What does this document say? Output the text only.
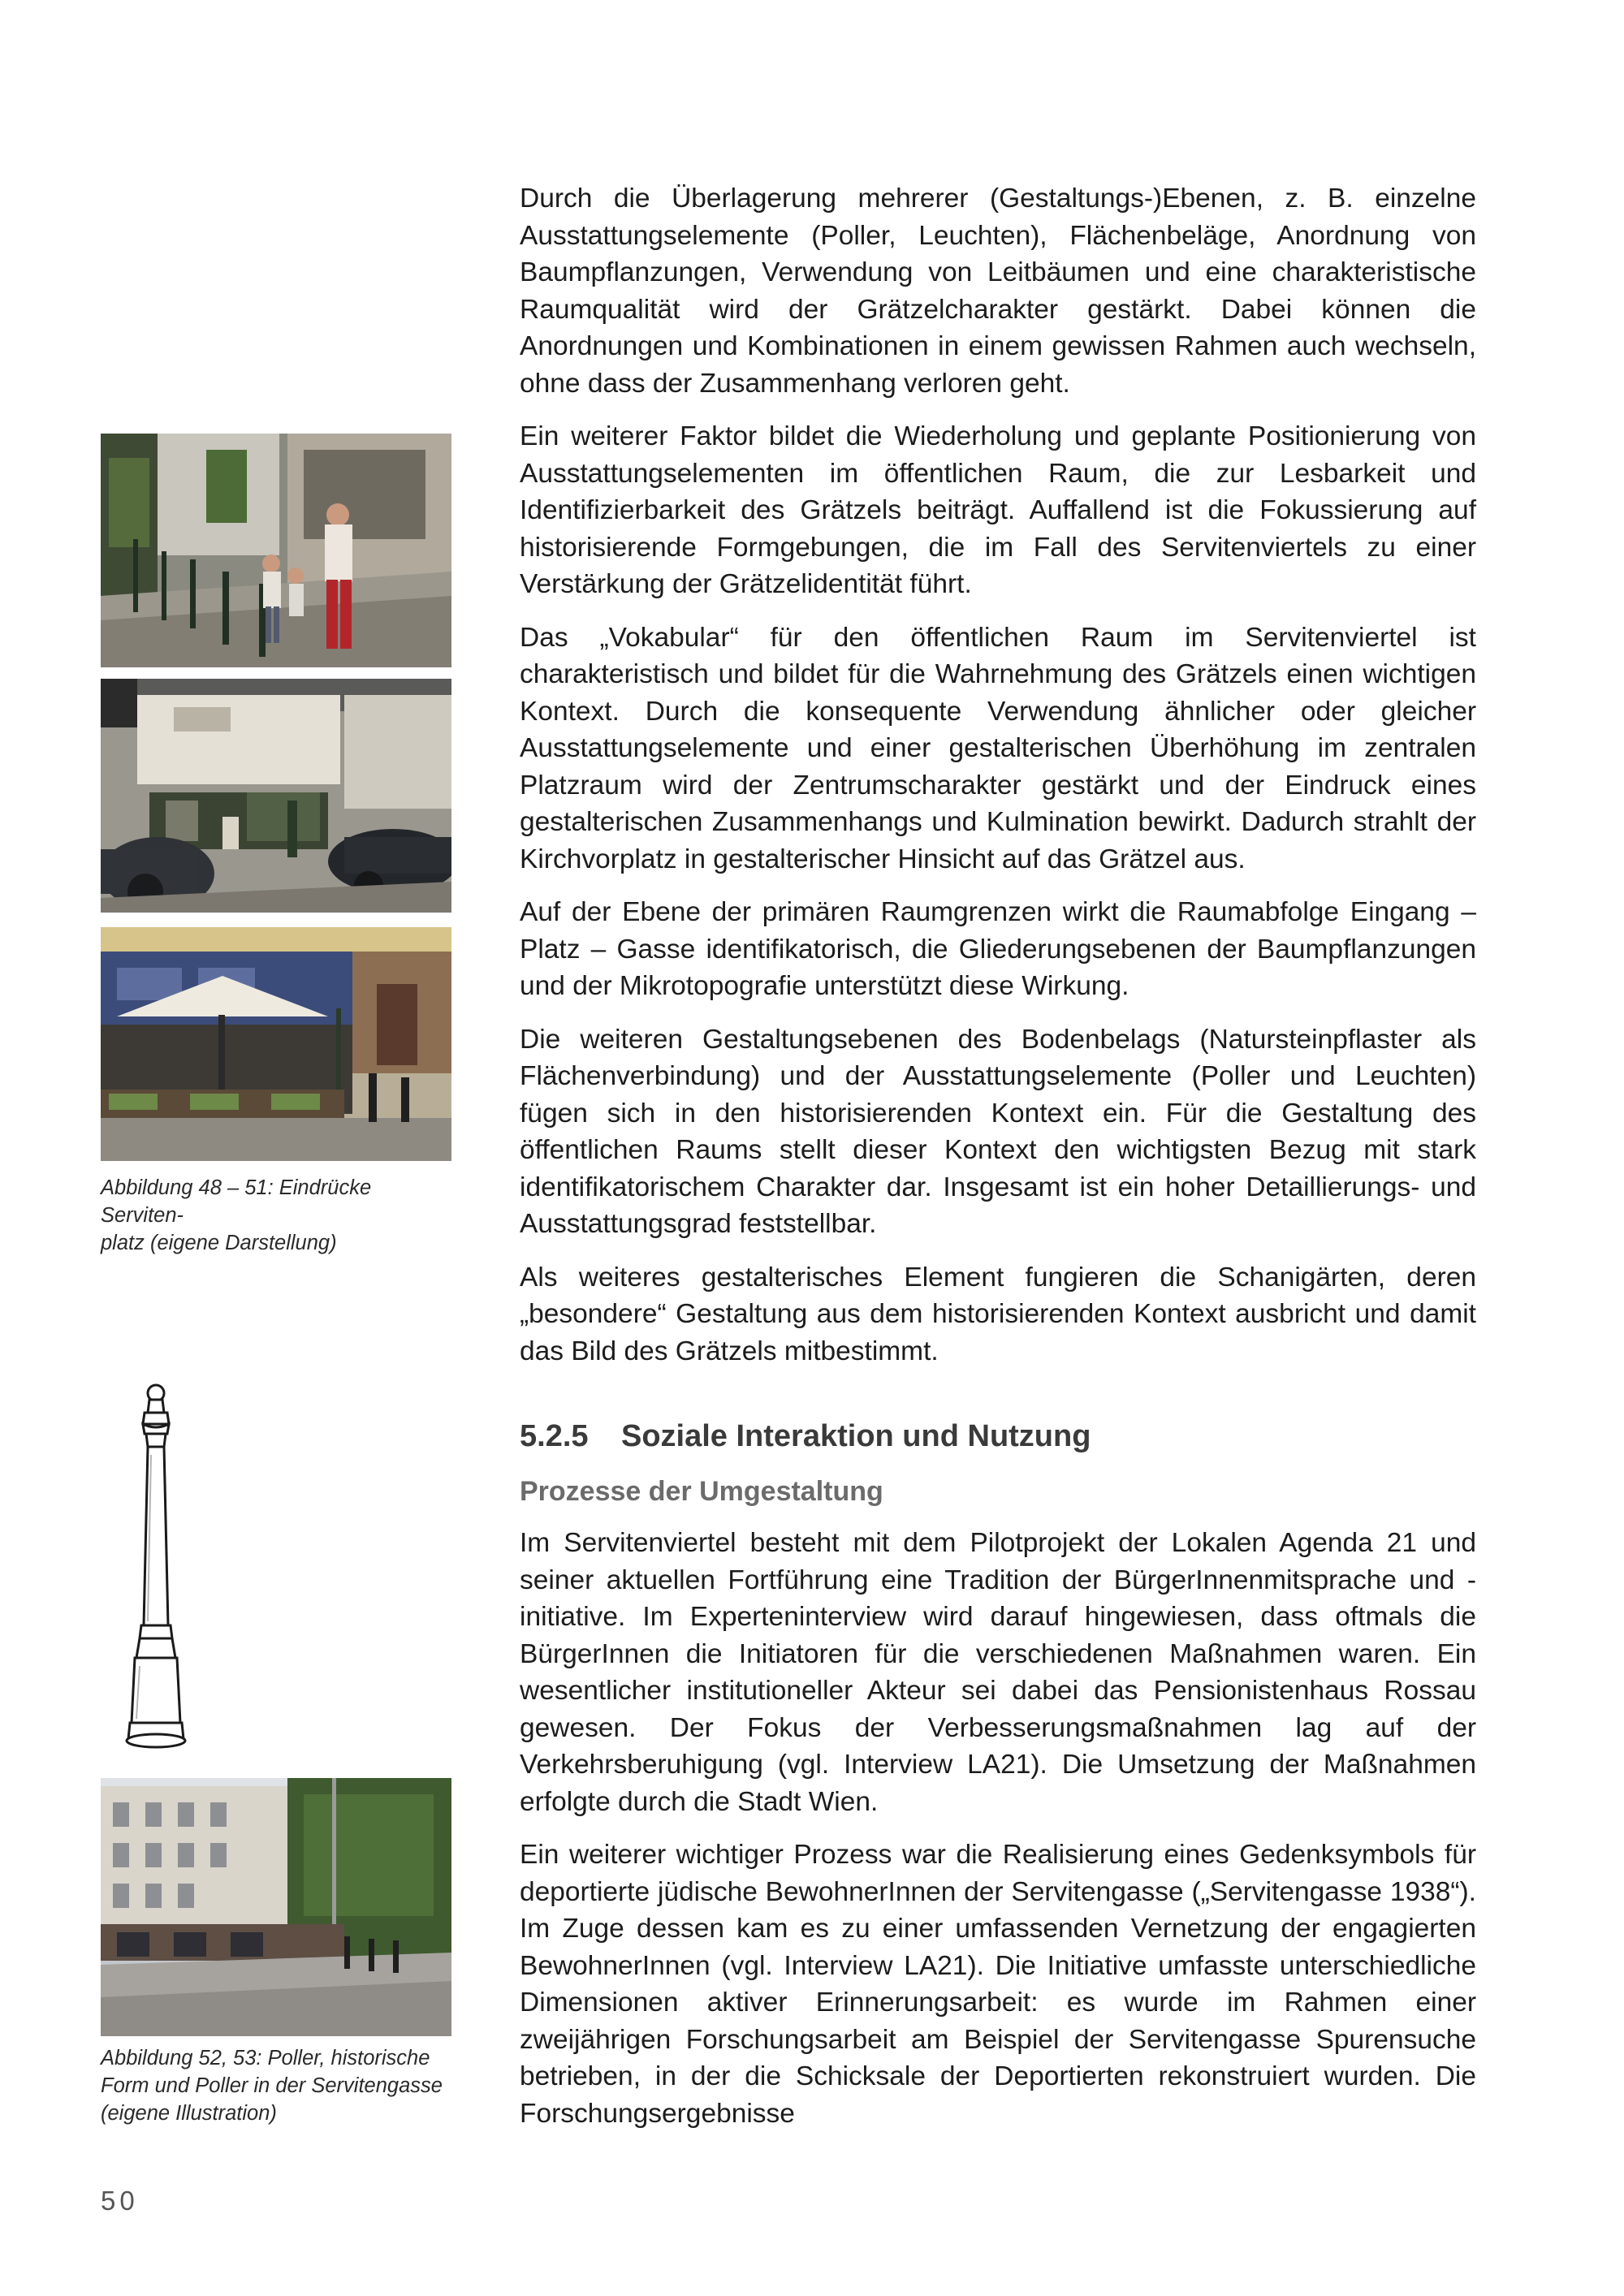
Durch die Überlagerung mehrerer (Gestaltungs-)Ebenen, z. B. einzelne Ausstattungselemente (Poller, Leuchten), Flächenbeläge, Anordnung von Baumpflanzungen, Verwendung von Leitbäumen und eine charakteristische Raumqualität wird der Grätzelcharakter gestärkt. Dabei können die Anordnungen und Kombinationen in einem gewissen Rahmen auch wechseln, ohne dass der Zusammenhang verloren geht.

Ein weiterer Faktor bildet die Wiederholung und geplante Positionierung von Ausstattungselementen im öffentlichen Raum, die zur Lesbarkeit und Identifizierbarkeit des Grätzels beiträgt. Auffallend ist die Fokussierung auf historisierende Formgebungen, die im Fall des Servitenviertels zu einer Verstärkung der Grätzelidentität führt.

Das „Vokabular“ für den öffentlichen Raum im Servitenviertel ist charakteristisch und bildet für die Wahrnehmung des Grätzels einen wichtigen Kontext. Durch die konsequente Verwendung ähnlicher oder gleicher Ausstattungselemente und einer gestalterischen Überhöhung im zentralen Platzraum wird der Zentrumscharakter gestärkt und der Eindruck eines gestalterischen Zusammenhangs und Kulmination bewirkt. Dadurch strahlt der Kirchvorplatz in gestalterischer Hinsicht auf das Grätzel aus.

Auf der Ebene der primären Raumgrenzen wirkt die Raumabfolge Eingang – Platz – Gasse identifikatorisch, die Gliederungsebenen der Baumpflanzungen und der Mikrotopografie unterstützt diese Wirkung.

Die weiteren Gestaltungsebenen des Bodenbelags (Natursteinpflaster als Flächenverbindung) und der Ausstattungselemente (Poller und Leuchten) fügen sich in den historisierenden Kontext ein. Für die Gestaltung des öffentlichen Raums stellt dieser Kontext den wichtigsten Bezug mit stark identifikatorischem Charakter dar. Insgesamt ist ein hoher Detaillierungs- und Ausstattungsgrad feststellbar.

Als weiteres gestalterisches Element fungieren die Schanigärten, deren „besondere“ Gestaltung aus dem historisierenden Kontext ausbricht und damit das Bild des Grätzels mitbestimmt.

5.2.5 Soziale Interaktion und Nutzung
Prozesse der Umgestaltung

Im Servitenviertel besteht mit dem Pilotprojekt der Lokalen Agenda 21 und seiner aktuellen Fortführung eine Tradition der BürgerInnenmitsprache und -initiative. Im Experteninterview wird darauf hingewiesen, dass oftmals die BürgerInnen die Initiatoren für die verschiedenen Maßnahmen waren. Ein wesentlicher institutioneller Akteur sei dabei das Pensionistenhaus Rossau gewesen. Der Fokus der Verbesserungsmaßnahmen lag auf der Verkehrsberuhigung (vgl. Interview LA21). Die Umsetzung der Maßnahmen erfolgte durch die Stadt Wien.

Ein weiterer wichtiger Prozess war die Realisierung eines Gedenksymbols für deportierte jüdische BewohnerInnen der Servitengasse („Servitengasse 1938“). Im Zuge dessen kam es zu einer umfassenden Vernetzung der engagierten BewohnerInnen (vgl. Interview LA21). Die Initiative umfasste unterschiedliche Dimensionen aktiver Erinnerungsarbeit: es wurde im Rahmen einer zweijährigen Forschungsarbeit am Beispiel der Servitengasse Spurensuche betrieben, in der die Schicksale der Deportierten rekonstruiert wurden. Die Forschungsergebnisse

Abbildung 48 – 51: Eindrücke Serviten-
platz (eigene Darstellung)
Abbildung 52, 53: Poller, historische
Form und Poller in der Servitengasse
(eigene Illustration)
50
